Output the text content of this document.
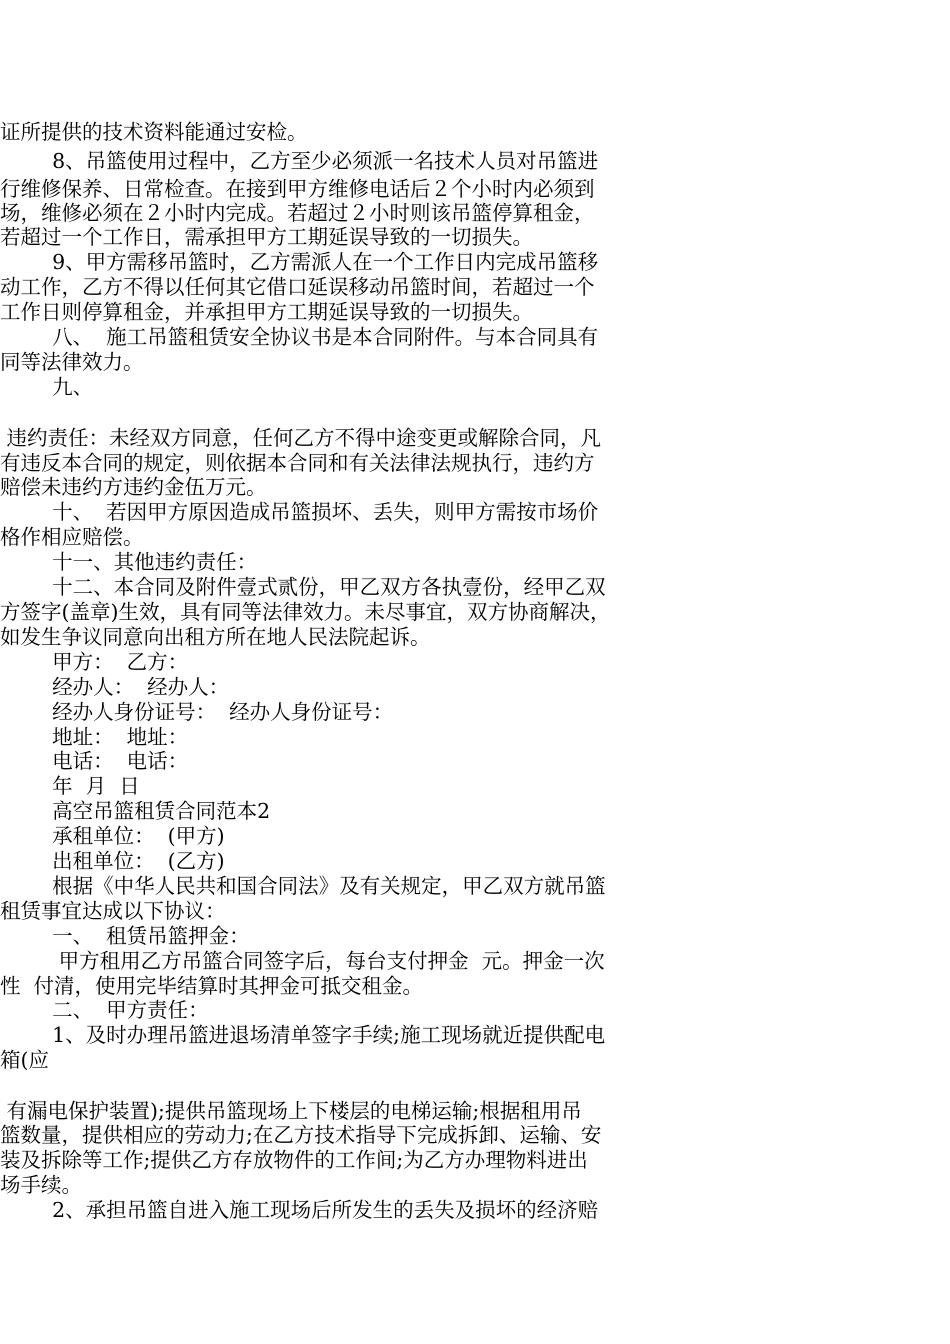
证所提供的技术资料能通过安检。

8、吊篮使用过程中，乙方至少必须派一名技术人员对吊篮进

行维修保养、日常检查。在接到甲方维修电话后２个小时内必须到

场，维修必须在２小时内完成。若超过２小时则该吊篮停算租金，

若超过一个工作日，需承担甲方工期延误导致的一切损失。

9、甲方需移吊篮时，乙方需派人在一个工作日内完成吊篮移

动工作，乙方不得以任何其它借口延误移动吊篮时间，若超过一个

工作日则停算租金，并承担甲方工期延误导致的一切损失。

八、  施工吊篮租赁安全协议书是本合同附件。与本合同具有

同等法律效力。

九、

违约责任：未经双方同意，任何乙方不得中途变更或解除合同，凡

有违反本合同的规定，则依据本合同和有关法律法规执行，违约方

赔偿未违约方违约金伍万元。

十、  若因甲方原因造成吊篮损坏、丢失，则甲方需按市场价

格作相应赔偿。

十一、其他违约责任：

十二、本合同及附件壹式贰份，甲乙双方各执壹份，经甲乙双

方签字(盖章)生效，具有同等法律效力。未尽事宜，双方协商解决，

如发生争议同意向出租方所在地人民法院起诉。

甲方：  乙方：

经办人：  经办人：

经办人身份证号：  经办人身份证号：

地址：  地址：

电话：  电话：

年  月  日

高空吊篮租赁合同范本2

承租单位：  (甲方)

出租单位：  (乙方)

根据《中华人民共和国合同法》及有关规定，甲乙双方就吊篮

租赁事宜达成以下协议：

一、  租赁吊篮押金：

甲方租用乙方吊篮合同签字后，每台支付押金  元。押金一次

性  付清，使用完毕结算时其押金可抵交租金。

二、  甲方责任：

1、及时办理吊篮进退场清单签字手续;施工现场就近提供配电

箱(应

有漏电保护装置);提供吊篮现场上下楼层的电梯运输;根据租用吊

篮数量，提供相应的劳动力;在乙方技术指导下完成拆卸、运输、安

装及拆除等工作;提供乙方存放物件的工作间;为乙方办理物料进出

场手续。

2、承担吊篮自进入施工现场后所发生的丢失及损坏的经济赔
